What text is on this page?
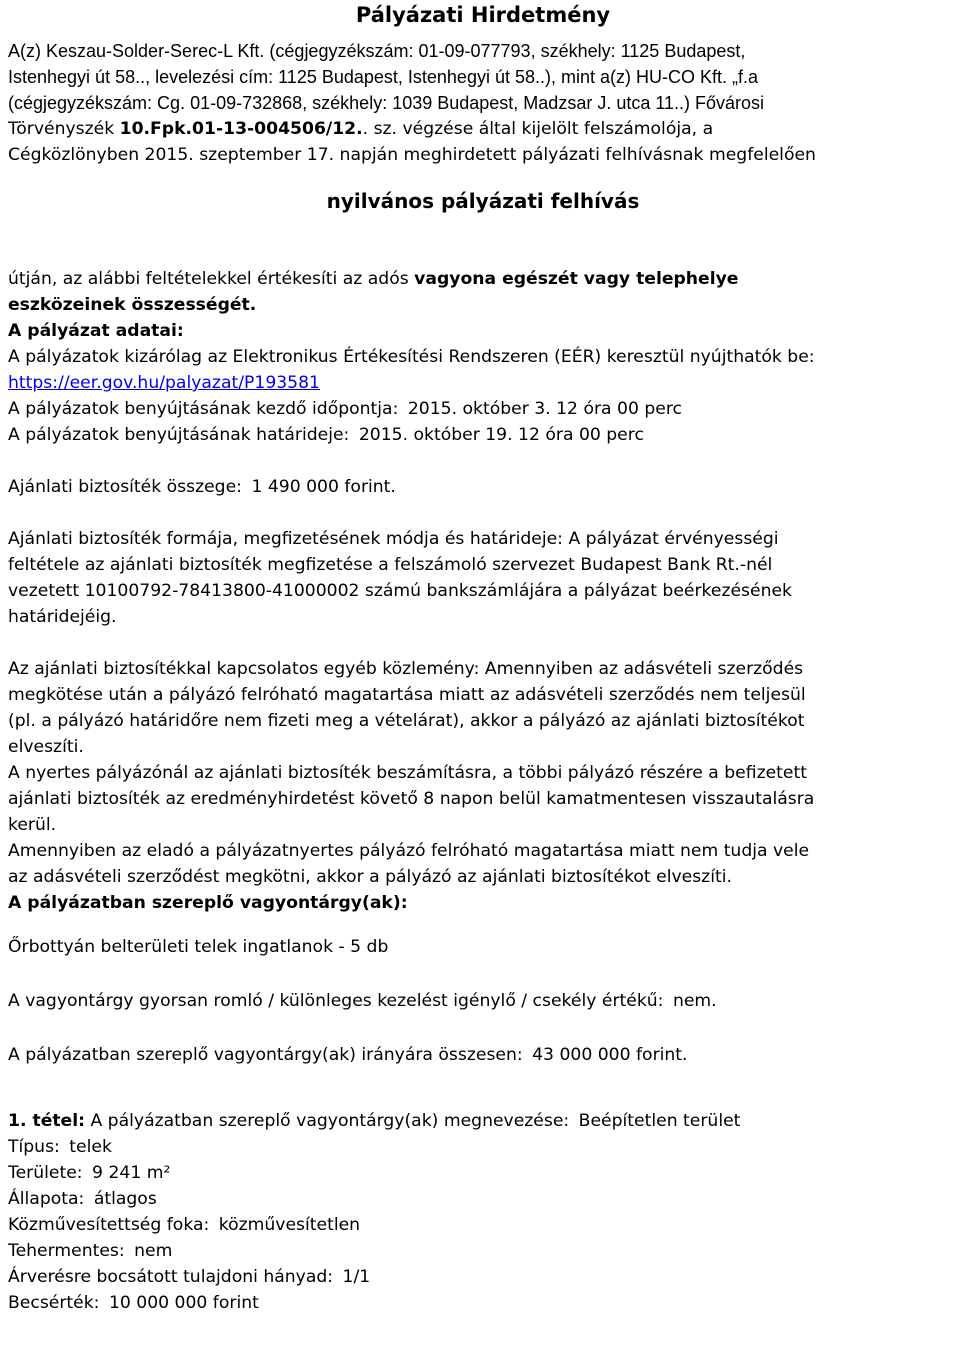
Pályázati Hirdetmény

A(z) Keszau-Solder-Serec-L Kft. (cégjegyzékszám: 01-09-077793, székhely: 1125 Budapest,

Istenhegyi út 58.., levelezési cím: 1125 Budapest, Istenhegyi út 58..), mint a(z) HU-CO Kft. „f.a

(cégjegyzékszám: Cg. 01-09-732868, székhely: 1039 Budapest, Madzsar J. utca 11..) Fővárosi

Törvényszék 10.Fpk.01-13-004506/12.. sz. végzése által kijelölt felszámolója, a

Cégközlönyben 2015. szeptember 17. napján meghirdetett pályázati felhívásnak megfelelően

nyilvános pályázati felhívás

útján, az alábbi feltételekkel értékesíti az adós vagyona egészét vagy telephelye

eszközeinek összességét.

A pályázat adatai:

A pályázatok kizárólag az Elektronikus Értékesítési Rendszeren (EÉR) keresztül nyújthatók be:

https://eer.gov.hu/palyazat/P193581

A pályázatok benyújtásának kezdő időpontja: 2015. október 3. 12 óra 00 perc

A pályázatok benyújtásának határideje: 2015. október 19. 12 óra 00 perc

Ajánlati biztosíték összege: 1 490 000 forint.

Ajánlati biztosíték formája, megfizetésének módja és határideje: A pályázat érvényességi

feltétele az ajánlati biztosíték megfizetése a felszámoló szervezet Budapest Bank Rt.-nél

vezetett 10100792-78413800-41000002 számú bankszámlájára a pályázat beérkezésének

határidejéig.

Az ajánlati biztosítékkal kapcsolatos egyéb közlemény: Amennyiben az adásvételi szerződés

megkötése után a pályázó felróható magatartása miatt az adásvételi szerződés nem teljesül

(pl. a pályázó határidőre nem fizeti meg a vételárat), akkor a pályázó az ajánlati biztosítékot

elveszíti.

A nyertes pályázónál az ajánlati biztosíték beszámításra, a többi pályázó részére a befizetett

ajánlati biztosíték az eredményhirdetést követő 8 napon belül kamatmentesen visszautalásra

kerül.

Amennyiben az eladó a pályázatnyertes pályázó felróható magatartása miatt nem tudja vele

az adásvételi szerződést megkötni, akkor a pályázó az ajánlati biztosítékot elveszíti.

A pályázatban szereplő vagyontárgy(ak):

Őrbottyán belterületi telek ingatlanok - 5 db

A vagyontárgy gyorsan romló / különleges kezelést igénylő / csekély értékű: nem.

A pályázatban szereplő vagyontárgy(ak) irányára összesen: 43 000 000 forint.

1. tétel: A pályázatban szereplő vagyontárgy(ak) megnevezése: Beépítetlen terület

Típus: telek

Területe: 9 241 m²

Állapota: átlagos

Közművesítettség foka: közművesítetlen

Tehermentes: nem

Árverésre bocsátott tulajdoni hányad: 1/1

Becsérték: 10 000 000 forint
